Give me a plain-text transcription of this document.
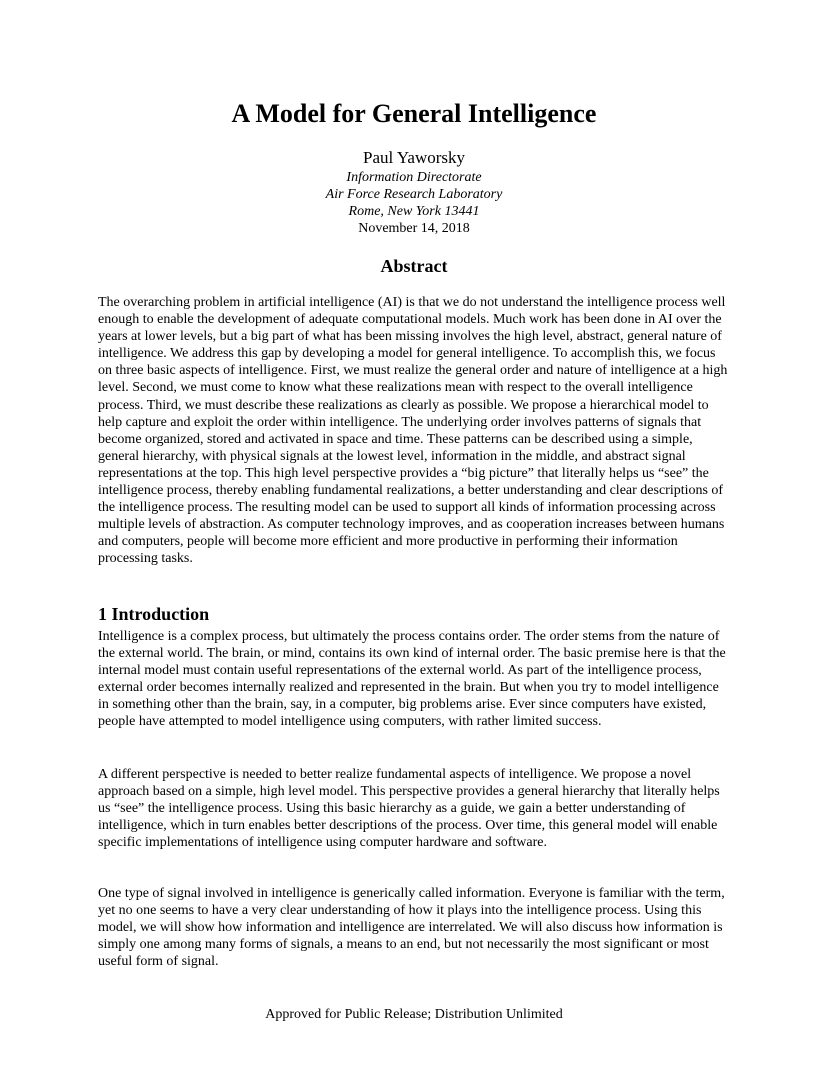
A Model for General Intelligence
Paul Yaworsky
Information Directorate
Air Force Research Laboratory
Rome, New York 13441
November 14, 2018
Abstract

The overarching problem in artificial intelligence (AI) is that we do not understand the intelligence process well enough to enable the development of adequate computational models. Much work has been done in AI over the years at lower levels, but a big part of what has been missing involves the high level, abstract, general nature of intelligence. We address this gap by developing a model for general intelligence. To accomplish this, we focus on three basic aspects of intelligence. First, we must realize the general order and nature of intelligence at a high level. Second, we must come to know what these realizations mean with respect to the overall intelligence process. Third, we must describe these realizations as clearly as possible. We propose a hierarchical model to help capture and exploit the order within intelligence. The underlying order involves patterns of signals that become organized, stored and activated in space and time. These patterns can be described using a simple, general hierarchy, with physical signals at the lowest level, information in the middle, and abstract signal representations at the top. This high level perspective provides a “big picture” that literally helps us “see” the intelligence process, thereby enabling fundamental realizations, a better understanding and clear descriptions of the intelligence process. The resulting model can be used to support all kinds of information processing across multiple levels of abstraction. As computer technology improves, and as cooperation increases between humans and computers, people will become more efficient and more productive in performing their information processing tasks.

1 Introduction

Intelligence is a complex process, but ultimately the process contains order. The order stems from the nature of the external world. The brain, or mind, contains its own kind of internal order. The basic premise here is that the internal model must contain useful representations of the external world. As part of the intelligence process, external order becomes internally realized and represented in the brain. But when you try to model intelligence in something other than the brain, say, in a computer, big problems arise. Ever since computers have existed, people have attempted to model intelligence using computers, with rather limited success.

A different perspective is needed to better realize fundamental aspects of intelligence. We propose a novel approach based on a simple, high level model. This perspective provides a general hierarchy that literally helps us “see” the intelligence process. Using this basic hierarchy as a guide, we gain a better understanding of intelligence, which in turn enables better descriptions of the process. Over time, this general model will enable specific implementations of intelligence using computer hardware and software.

One type of signal involved in intelligence is generically called information. Everyone is familiar with the term, yet no one seems to have a very clear understanding of how it plays into the intelligence process. Using this model, we will show how information and intelligence are interrelated. We will also discuss how information is simply one among many forms of signals, a means to an end, but not necessarily the most significant or most useful form of signal.

Approved for Public Release; Distribution Unlimited
